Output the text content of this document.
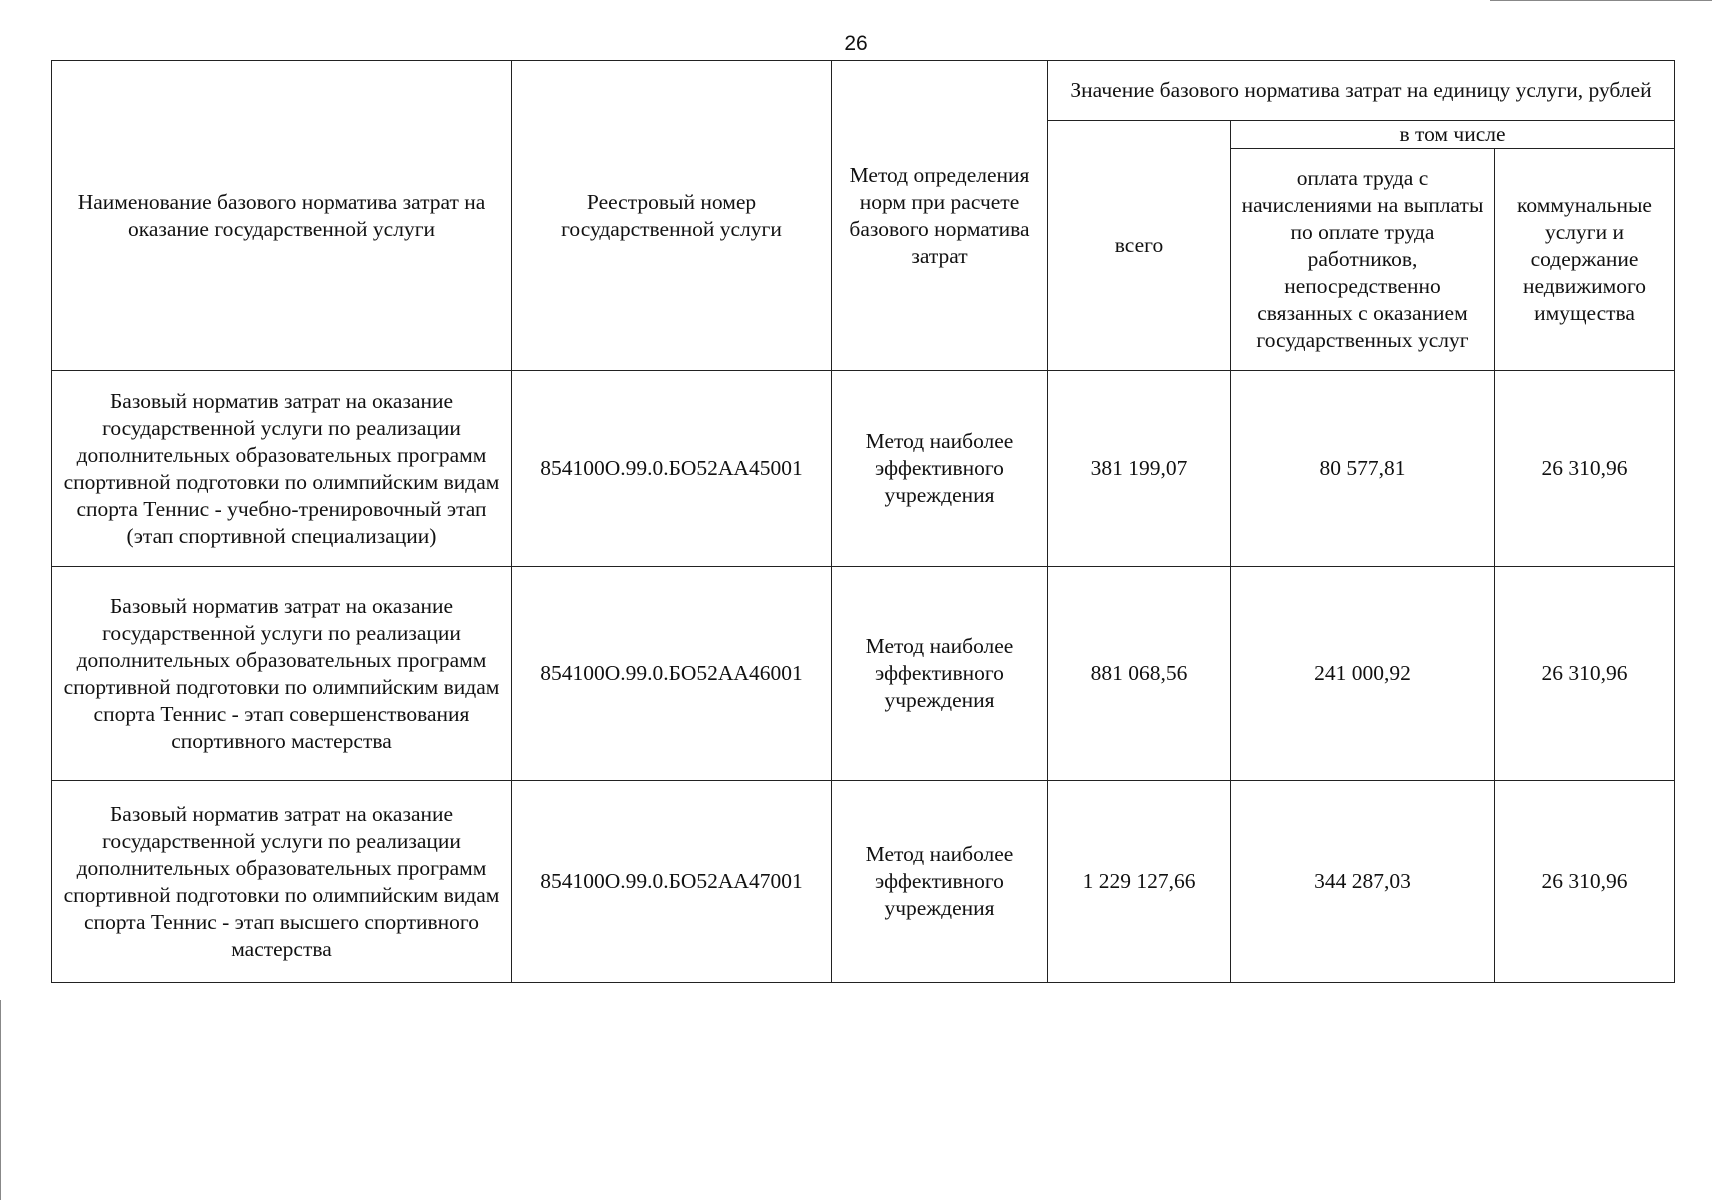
26
Наименование базового норматива затрат на оказание государственной услуги	Реестровый номер государственной услуги	Метод определения норм при расчете базового норматива затрат	Значение базового норматива затрат на единицу услуги, рублей		
			всего	в том числе	
				оплата труда с начислениями на выплаты по оплате труда работников, непосредственно связанных с оказанием государственных услуг	коммунальные услуги и содержание недвижимого имущества
Базовый норматив затрат на оказание государственной услуги по реализации дополнительных образовательных программ спортивной подготовки по олимпийским видам спорта Теннис - учебно-тренировочный этап (этап спортивной специализации)	854100О.99.0.БО52АА45001	Метод наиболее эффективного учреждения	381 199,07	80 577,81	26 310,96
Базовый норматив затрат на оказание государственной услуги по реализации дополнительных образовательных программ спортивной подготовки по олимпийским видам спорта Теннис - этап совершенствования спортивного мастерства	854100О.99.0.БО52АА46001	Метод наиболее эффективного учреждения	881 068,56	241 000,92	26 310,96
Базовый норматив затрат на оказание государственной услуги по реализации дополнительных образовательных программ спортивной подготовки по олимпийским видам спорта Теннис - этап высшего спортивного мастерства	854100О.99.0.БО52АА47001	Метод наиболее эффективного учреждения	1 229 127,66	344 287,03	26 310,96
